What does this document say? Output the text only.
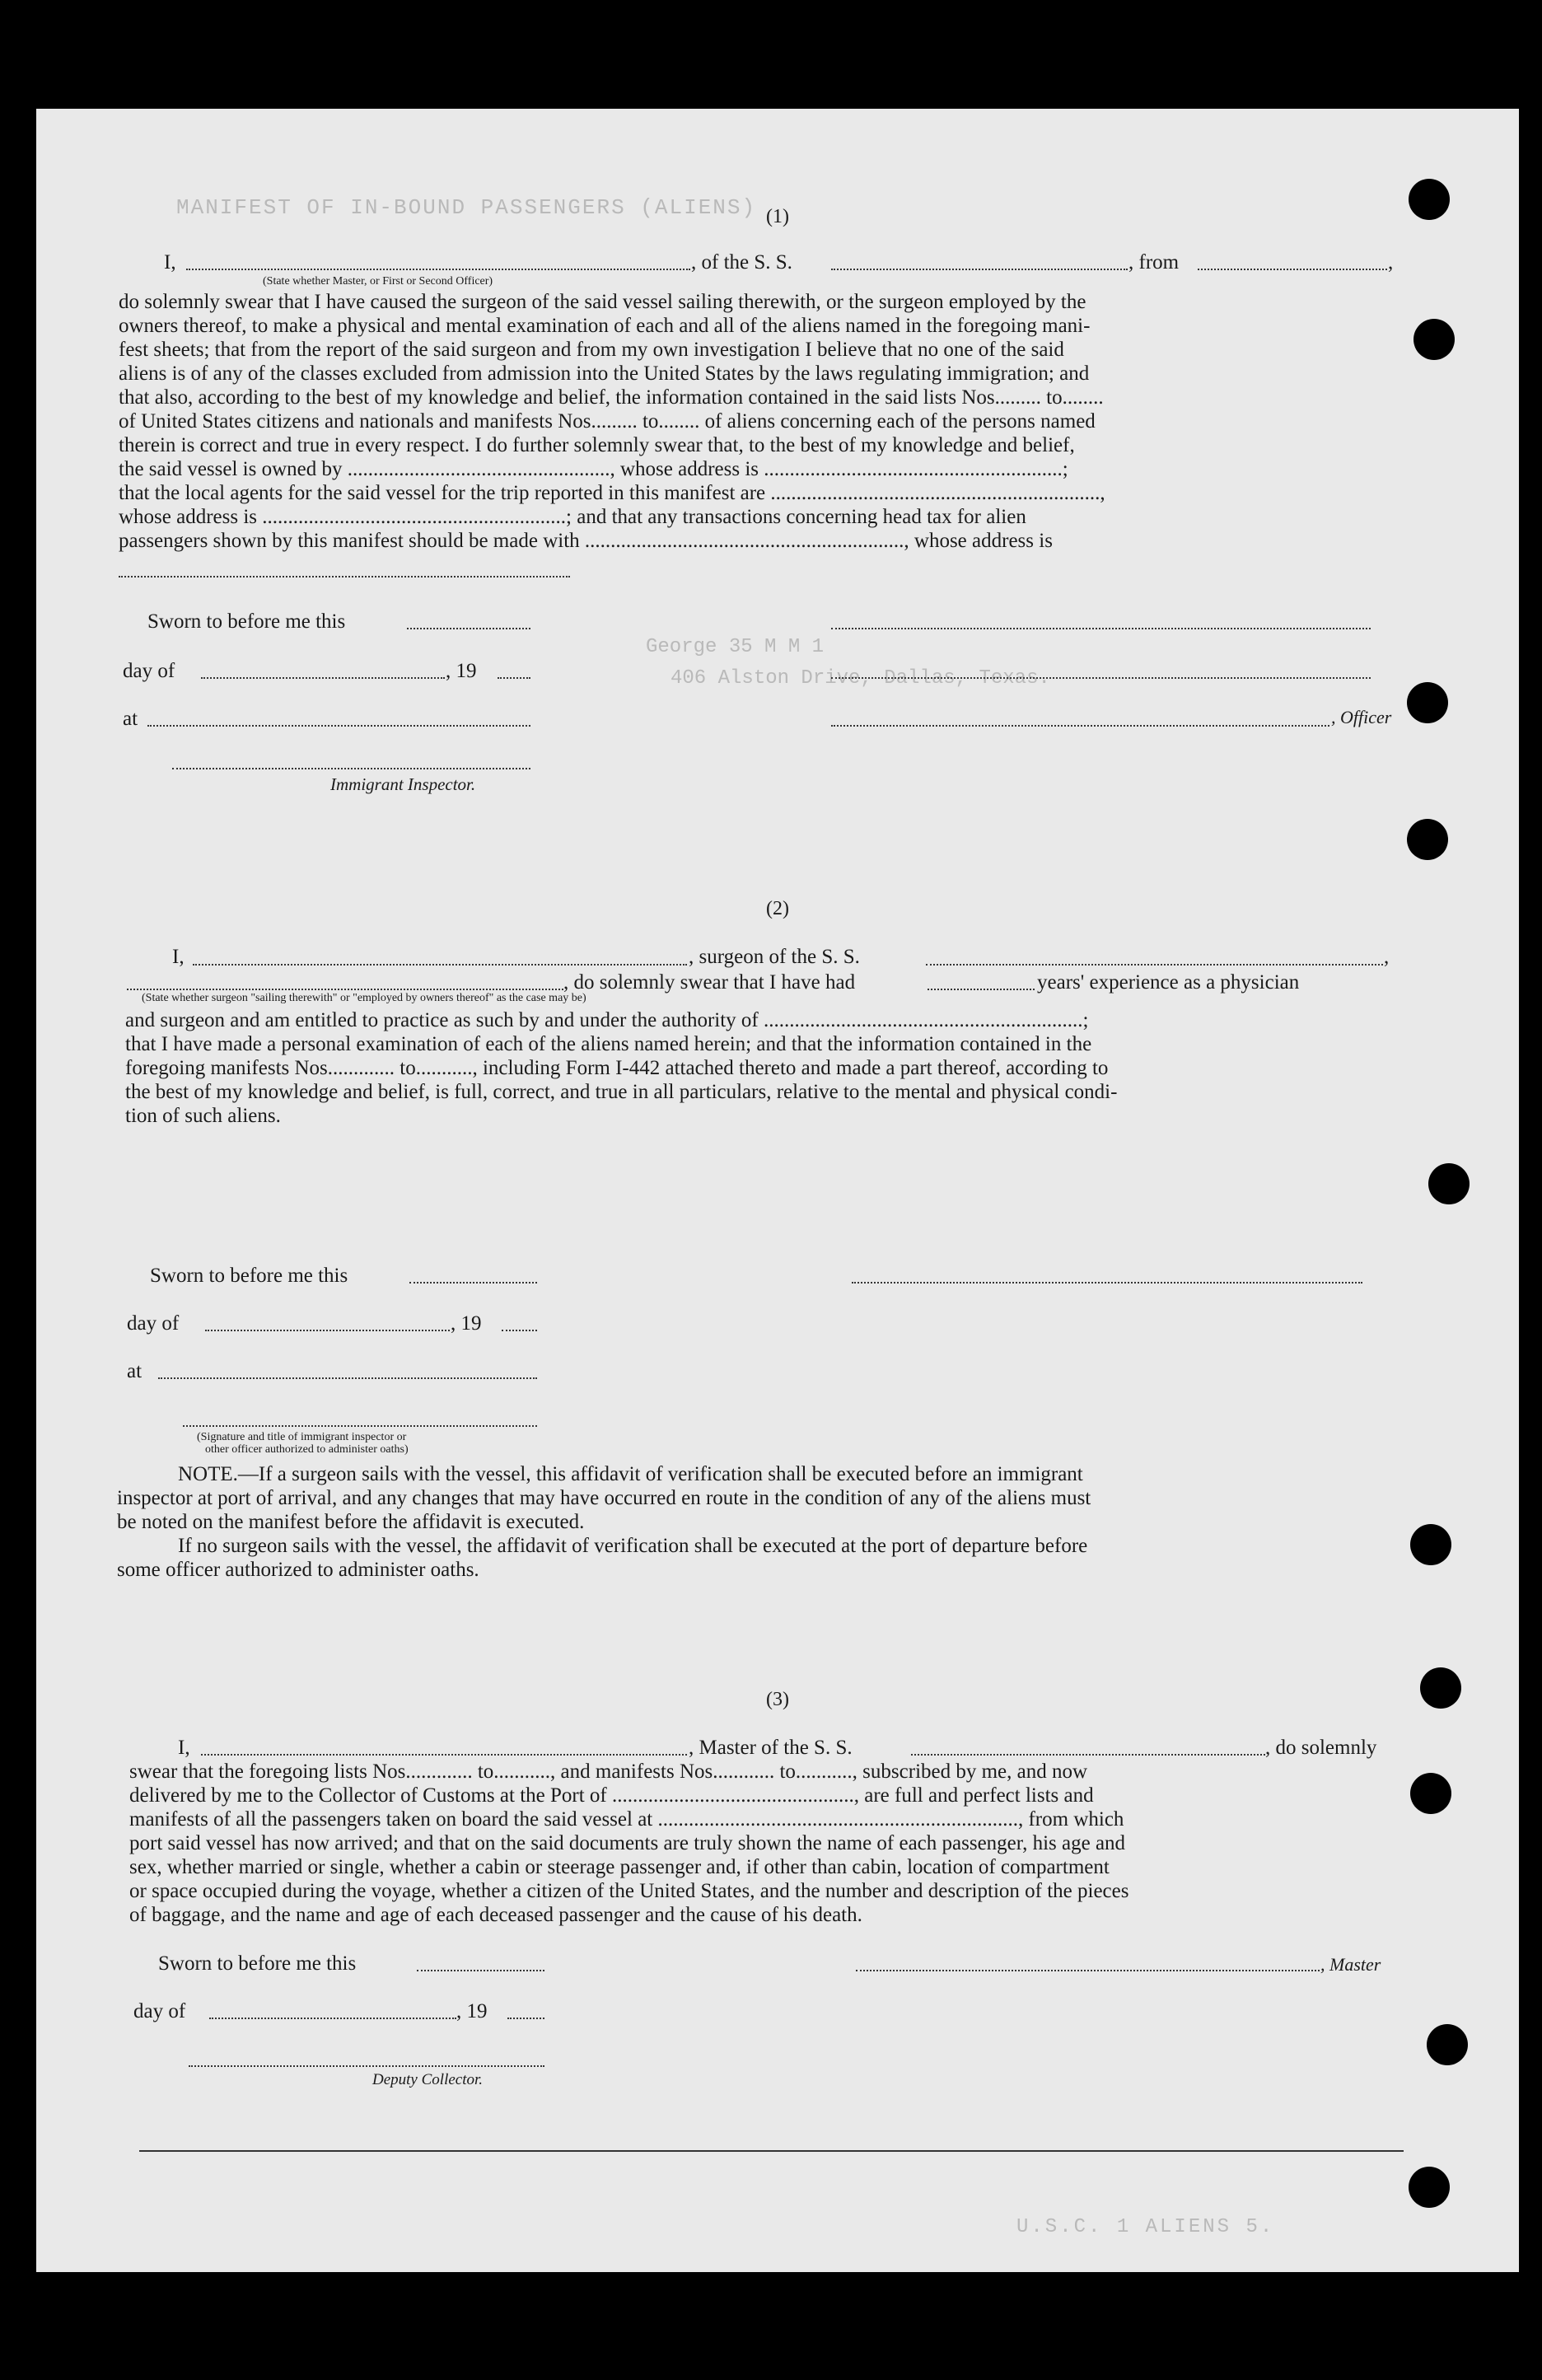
MANIFEST OF IN-BOUND PASSENGERS (ALIENS)
George 35 M M 1
406 Alston Drive, Dallas, Texas.
U.S.C. 1 ALIENS 5.
(1)
I,	, of the S. S.	, from	,
(State whether Master, or First or Second Officer)
do solemnly swear that I have caused the surgeon of the said vessel sailing therewith, or the surgeon employed by the
owners thereof, to make a physical and mental examination of each and all of the aliens named in the foregoing mani-
fest sheets; that from the report of the said surgeon and from my own investigation I believe that no one of the said
aliens is of any of the classes excluded from admission into the United States by the laws regulating immigration; and
that also, according to the best of my knowledge and belief, the information contained in the said lists Nos......... to........
of United States citizens and nationals and manifests Nos......... to........ of aliens concerning each of the persons named
therein is correct and true in every respect. I do further solemnly swear that, to the best of my knowledge and belief,
the said vessel is owned by ..................................................., whose address is ..........................................................;
that the local agents for the said vessel for the trip reported in this manifest are ................................................................,
whose address is ...........................................................; and that any transactions concerning head tax for alien
passengers shown by this manifest should be made with .............................................................., whose address is
Sworn to before me this
day of	, 19
at
Immigrant Inspector.
, Officer
(2)
I,	, surgeon of the S. S.	,
, do solemnly swear that I have had	years' experience as a physician
(State whether surgeon "sailing therewith" or "employed by owners thereof" as the case may be)
and surgeon and am entitled to practice as such by and under the authority of ..............................................................;
that I have made a personal examination of each of the aliens named herein; and that the information contained in the
foregoing manifests Nos............. to..........., including Form I-442 attached thereto and made a part thereof, according to
the best of my knowledge and belief, is full, correct, and true in all particulars, relative to the mental and physical condi-
tion of such aliens.
Sworn to before me this
day of	, 19
at
(Signature and title of immigrant inspector or
other officer authorized to administer oaths)
NOTE.—If a surgeon sails with the vessel, this affidavit of verification shall be executed before an immigrant
inspector at port of arrival, and any changes that may have occurred en route in the condition of any of the aliens must
be noted on the manifest before the affidavit is executed.
If no surgeon sails with the vessel, the affidavit of verification shall be executed at the port of departure before
some officer authorized to administer oaths.
(3)
I,	, Master of the S. S.	, do solemnly
swear that the foregoing lists Nos............. to..........., and manifests Nos............ to..........., subscribed by me, and now
delivered by me to the Collector of Customs at the Port of ..............................................., are full and perfect lists and
manifests of all the passengers taken on board the said vessel at ......................................................................, from which
port said vessel has now arrived; and that on the said documents are truly shown the name of each passenger, his age and
sex, whether married or single, whether a cabin or steerage passenger and, if other than cabin, location of compartment
or space occupied during the voyage, whether a citizen of the United States, and the number and description of the pieces
of baggage, and the name and age of each deceased passenger and the cause of his death.
Sworn to before me this	, Master
day of	, 19
Deputy Collector.
